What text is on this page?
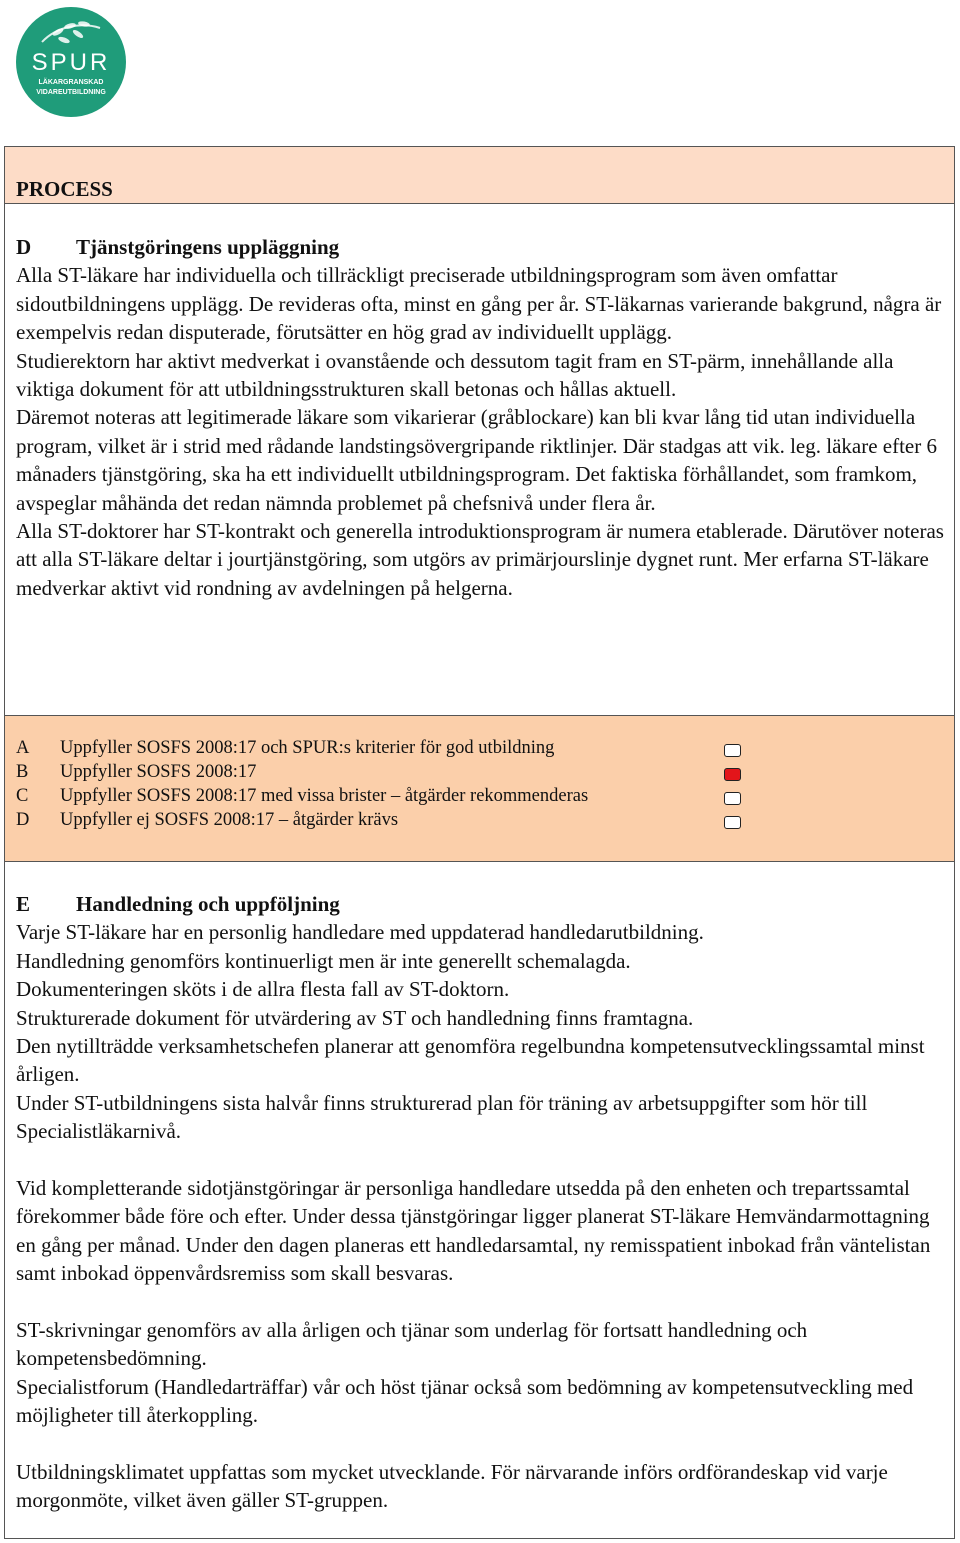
SPUR
LÄKARGRANSKAD
VIDAREUTBILDNING
PROCESS

D Tjänstgöringens uppläggning

Alla ST-läkare har individuella och tillräckligt preciserade utbildningsprogram som även omfattar sidoutbildningens upplägg. De revideras ofta, minst en gång per år. ST-läkarnas varierande bakgrund, några är exempelvis redan disputerade, förutsätter en hög grad av individuellt upplägg.

Studierektorn har aktivt medverkat i ovanstående och dessutom tagit fram en ST-pärm, innehållande alla viktiga dokument för att utbildningsstrukturen skall betonas och hållas aktuell.

Däremot noteras att legitimerade läkare som vikarierar (gråblockare) kan bli kvar lång tid utan individuella program, vilket är i strid med rådande landstingsövergripande riktlinjer. Där stadgas att vik. leg. läkare efter 6 månaders tjänstgöring, ska ha ett individuellt utbildningsprogram. Det faktiska förhållandet, som framkom, avspeglar måhända det redan nämnda problemet på chefsnivå under flera år.

Alla ST-doktorer har ST-kontrakt och generella introduktionsprogram är numera etablerade. Därutöver noteras att alla ST-läkare deltar i jourtjänstgöring, som utgörs av primärjourslinje dygnet runt. Mer erfarna ST-läkare medverkar aktivt vid rondning av avdelningen på helgerna.

A	Uppfyller SOSFS 2008:17 och SPUR:s kriterier för god utbildning
B	Uppfyller SOSFS 2008:17
C	Uppfyller SOSFS 2008:17 med vissa brister – åtgärder rekommenderas
D	Uppfyller ej SOSFS 2008:17 – åtgärder krävs

E Handledning och uppföljning

Varje ST-läkare har en personlig handledare med uppdaterad handledarutbildning.

Handledning genomförs kontinuerligt men är inte generellt schemalagda.

Dokumenteringen sköts i de allra flesta fall av ST-doktorn.

Strukturerade dokument för utvärdering av ST och handledning finns framtagna.

Den nytillträdde verksamhetschefen planerar att genomföra regelbundna kompetensutvecklingssamtal minst årligen.

Under ST-utbildningens sista halvår finns strukturerad plan för träning av arbetsuppgifter som hör till Specialistläkarnivå.

Vid kompletterande sidotjänstgöringar är personliga handledare utsedda på den enheten och trepartssamtal förekommer både före och efter. Under dessa tjänstgöringar ligger planerat ST-läkare Hemvändarmottagning en gång per månad. Under den dagen planeras ett handledarsamtal, ny remisspatient inbokad från väntelistan samt inbokad öppenvårdsremiss som skall besvaras.

ST-skrivningar genomförs av alla årligen och tjänar som underlag för fortsatt handledning och kompetensbedömning.

Specialistforum (Handledarträffar) vår och höst tjänar också som bedömning av kompetensutveckling med möjligheter till återkoppling.

Utbildningsklimatet uppfattas som mycket utvecklande. För närvarande införs ordförandeskap vid varje morgonmöte, vilket även gäller ST-gruppen.
